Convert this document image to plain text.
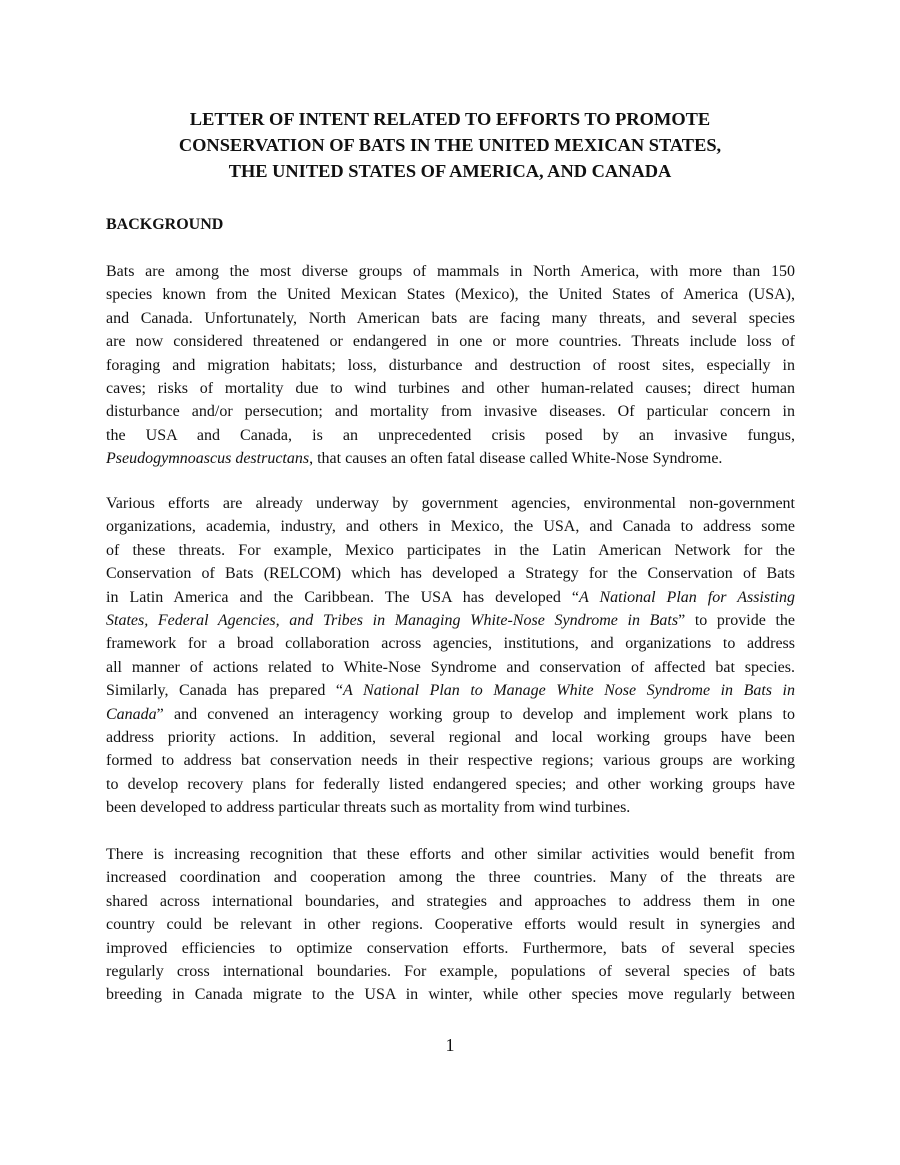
LETTER OF INTENT RELATED TO EFFORTS TO PROMOTE
CONSERVATION OF BATS IN THE UNITED MEXICAN STATES,
THE UNITED STATES OF AMERICA, AND CANADA
BACKGROUND
Bats are among the most diverse groups of mammals in North America, with more than 150
species known from the United Mexican States (Mexico), the United States of America (USA),
and Canada. Unfortunately, North American bats are facing many threats, and several species
are now considered threatened or endangered in one or more countries. Threats include loss of
foraging and migration habitats; loss, disturbance and destruction of roost sites, especially in
caves; risks of mortality due to wind turbines and other human-related causes; direct human
disturbance and/or persecution; and mortality from invasive diseases. Of particular concern in
the USA and Canada, is an unprecedented crisis posed by an invasive fungus,
Pseudogymnoascus destructans, that causes an often fatal disease called White-Nose Syndrome.
Various efforts are already underway by government agencies, environmental non-government
organizations, academia, industry, and others in Mexico, the USA, and Canada to address some
of these threats. For example, Mexico participates in the Latin American Network for the
Conservation of Bats (RELCOM) which has developed a Strategy for the Conservation of Bats
in Latin America and the Caribbean. The USA has developed “A National Plan for Assisting
States, Federal Agencies, and Tribes in Managing White-Nose Syndrome in Bats” to provide the
framework for a broad collaboration across agencies, institutions, and organizations to address
all manner of actions related to White-Nose Syndrome and conservation of affected bat species.
Similarly, Canada has prepared “A National Plan to Manage White Nose Syndrome in Bats in
Canada” and convened an interagency working group to develop and implement work plans to
address priority actions. In addition, several regional and local working groups have been
formed to address bat conservation needs in their respective regions; various groups are working
to develop recovery plans for federally listed endangered species; and other working groups have
been developed to address particular threats such as mortality from wind turbines.
There is increasing recognition that these efforts and other similar activities would benefit from
increased coordination and cooperation among the three countries. Many of the threats are
shared across international boundaries, and strategies and approaches to address them in one
country could be relevant in other regions. Cooperative efforts would result in synergies and
improved efficiencies to optimize conservation efforts. Furthermore, bats of several species
regularly cross international boundaries. For example, populations of several species of bats
breeding in Canada migrate to the USA in winter, while other species move regularly between
1
